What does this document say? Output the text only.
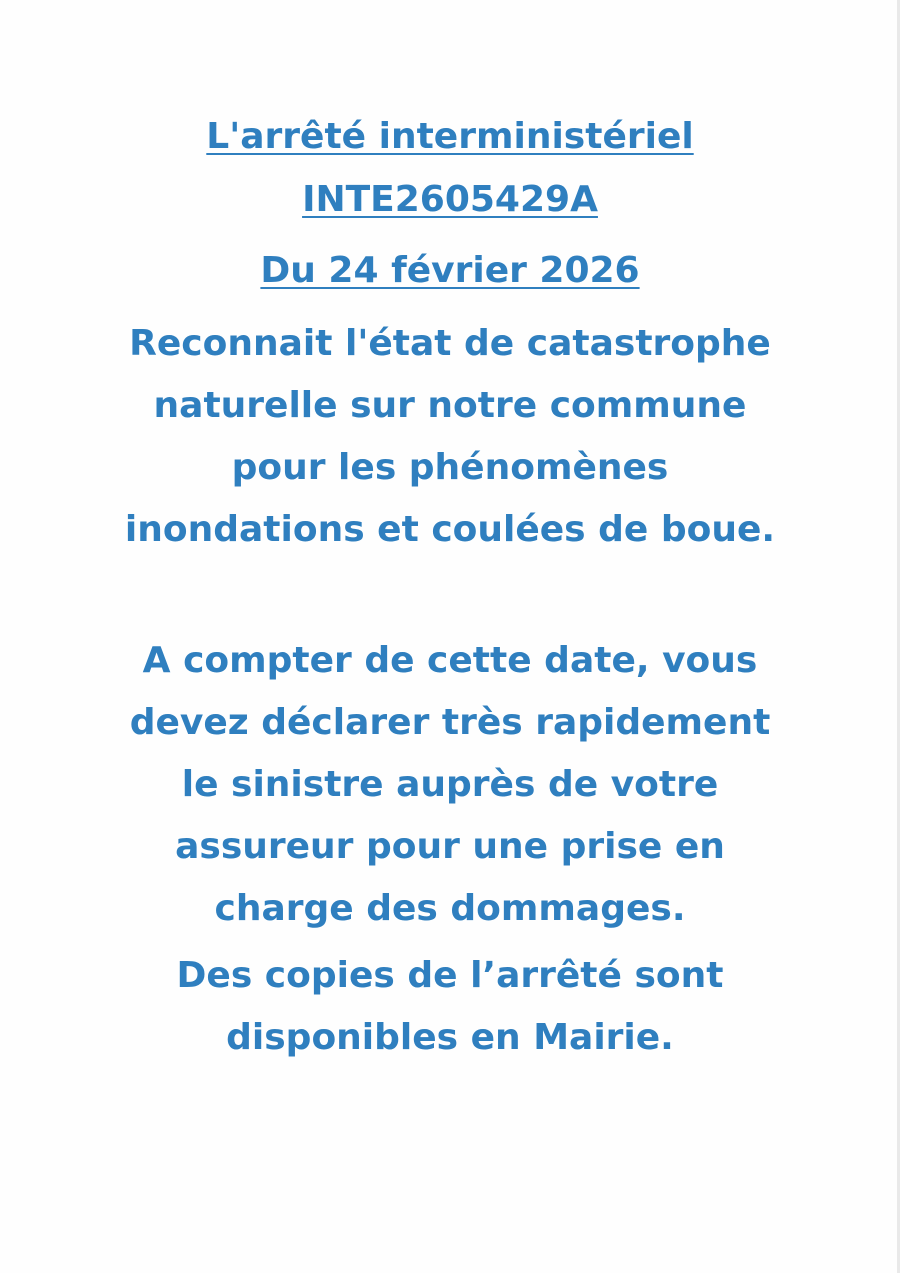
L'arrêté interministériel
INTE2605429A
Du 24 février 2026
Reconnait l'état de catastrophe
naturelle sur notre commune
pour les phénomènes
inondations et coulées de boue.
A compter de cette date, vous
devez déclarer très rapidement
le sinistre auprès de votre
assureur pour une prise en
charge des dommages.
Des copies de l’arrêté sont
disponibles en Mairie.
